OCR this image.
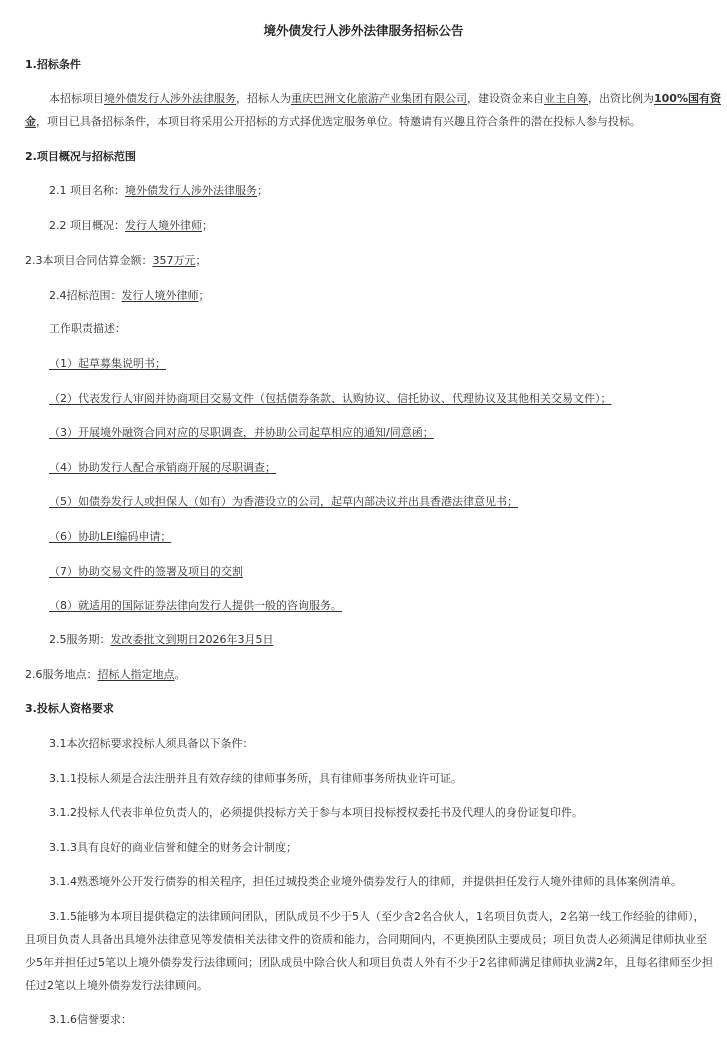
境外债发行人涉外法律服务招标公告
1.招标条件
本招标项目境外债发行人涉外法律服务，招标人为重庆巴洲文化旅游产业集团有限公司，建设资金来自业主自筹，出资比例为100%国有资
金，项目已具备招标条件，本项目将采用公开招标的方式择优选定服务单位。特邀请有兴趣且符合条件的潜在投标人参与投标。
2.项目概况与招标范围
2.1 项目名称：境外债发行人涉外法律服务；
2.2 项目概况：发行人境外律师；
2.3本项目合同估算金额：357万元；
2.4招标范围：发行人境外律师；
工作职责描述：
（1）起草募集说明书；
（2）代表发行人审阅并协商项目交易文件（包括债券条款、认购协议、信托协议、代理协议及其他相关交易文件）；
（3）开展境外融资合同对应的尽职调查，并协助公司起草相应的通知/同意函；
（4）协助发行人配合承销商开展的尽职调查；
（5）如债券发行人或担保人（如有）为香港设立的公司，起草内部决议并出具香港法律意见书；
（6）协助LEI编码申请；
（7）协助交易文件的签署及项目的交割
（8）就适用的国际证券法律向发行人提供一般的咨询服务。
2.5服务期：发改委批文到期日2026年3月5日
2.6服务地点：招标人指定地点。
3.投标人资格要求
3.1本次招标要求投标人须具备以下条件：
3.1.1投标人须是合法注册并且有效存续的律师事务所，具有律师事务所执业许可证。
3.1.2投标人代表非单位负责人的，必须提供投标方关于参与本项目投标授权委托书及代理人的身份证复印件。
3.1.3具有良好的商业信誉和健全的财务会计制度；
3.1.4熟悉境外公开发行债券的相关程序，担任过城投类企业境外债券发行人的律师，并提供担任发行人境外律师的具体案例清单。
3.1.5能够为本项目提供稳定的法律顾问团队，团队成员不少于5人（至少含2名合伙人，1名项目负责人，2名第一线工作经验的律师），
且项目负责人具备出具境外法律意见等发债相关法律文件的资质和能力，合同期间内，不更换团队主要成员；项目负责人必须满足律师执业至
少5年并担任过5笔以上境外债券发行法律顾问；团队成员中除合伙人和项目负责人外有不少于2名律师满足律师执业满2年，且每名律师至少担
任过2笔以上境外债券发行法律顾问。
3.1.6信誉要求：
